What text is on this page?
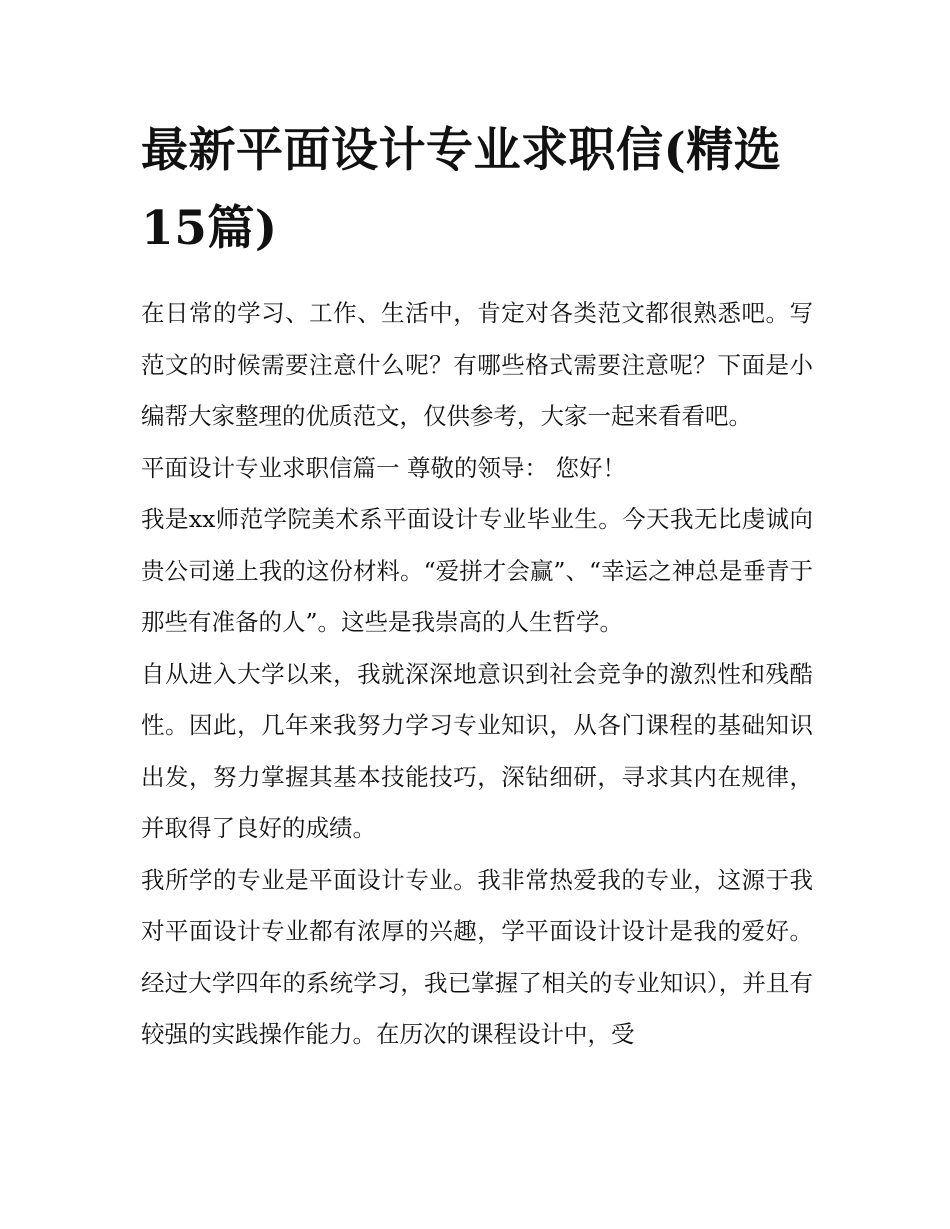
最新平面设计专业求职信(精选15篇)

在日常的学习、工作、生活中，肯定对各类范文都很熟悉吧。写范文的时候需要注意什么呢？有哪些格式需要注意呢？下面是小编帮大家整理的优质范文，仅供参考，大家一起来看看吧。

平面设计专业求职信篇一 尊敬的领导： 您好！

我是xx师范学院美术系平面设计专业毕业生。今天我无比虔诚向贵公司递上我的这份材料。“爱拼才会赢”、“幸运之神总是垂青于那些有准备的人”。这些是我崇高的人生哲学。

自从进入大学以来，我就深深地意识到社会竞争的激烈性和残酷性。因此，几年来我努力学习专业知识，从各门课程的基础知识出发，努力掌握其基本技能技巧，深钻细研，寻求其内在规律，并取得了良好的成绩。

我所学的专业是平面设计专业。我非常热爱我的专业，这源于我对平面设计专业都有浓厚的兴趣，学平面设计设计是我的爱好。经过大学四年的系统学习，我已掌握了相关的专业知识），并且有较强的实践操作能力。在历次的课程设计中，受
